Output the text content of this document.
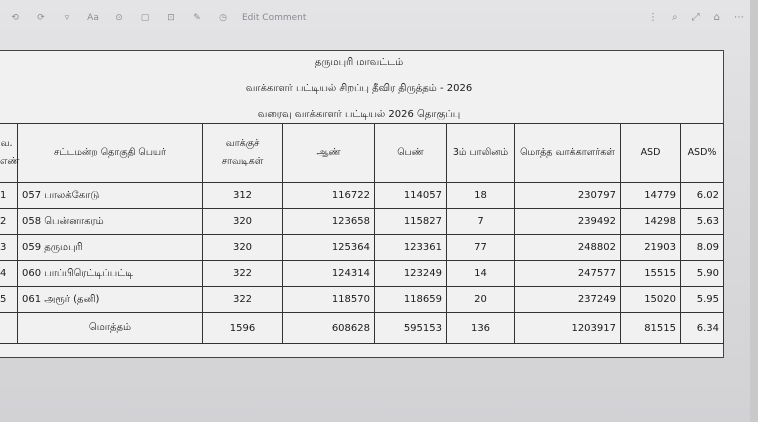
⟲	⟳	▿	Aa	⊙	▢	⊡	✎	◷	Edit Comment	⋮ ⌕ ⤢ ⌂ ⋯
தருமபுரி மாவட்டம்
வாக்காளர் பட்டியல் சிறப்பு தீவிர திருத்தம் - 2026
வரைவு வாக்காளர் பட்டியல் 2026 தொகுப்பு
வ. எண்	சட்டமன்ற தொகுதி பெயர்	வாக்குச் சாவடிகள்	ஆண்	பெண்	3ம் பாலினம்	மொத்த வாக்காளர்கள்	ASD	ASD%
1	057 பாலக்கோடு	312	116722	114057	18	230797	14779	6.02
2	058 பென்னாகரம்	320	123658	115827	7	239492	14298	5.63
3	059 தருமபுரி	320	125364	123361	77	248802	21903	8.09
4	060 பாப்பிரெட்டிப்பட்டி	322	124314	123249	14	247577	15515	5.90
5	061 அரூர் (தனி)	322	118570	118659	20	237249	15020	5.95
	மொத்தம்	1596	608628	595153	136	1203917	81515	6.34
